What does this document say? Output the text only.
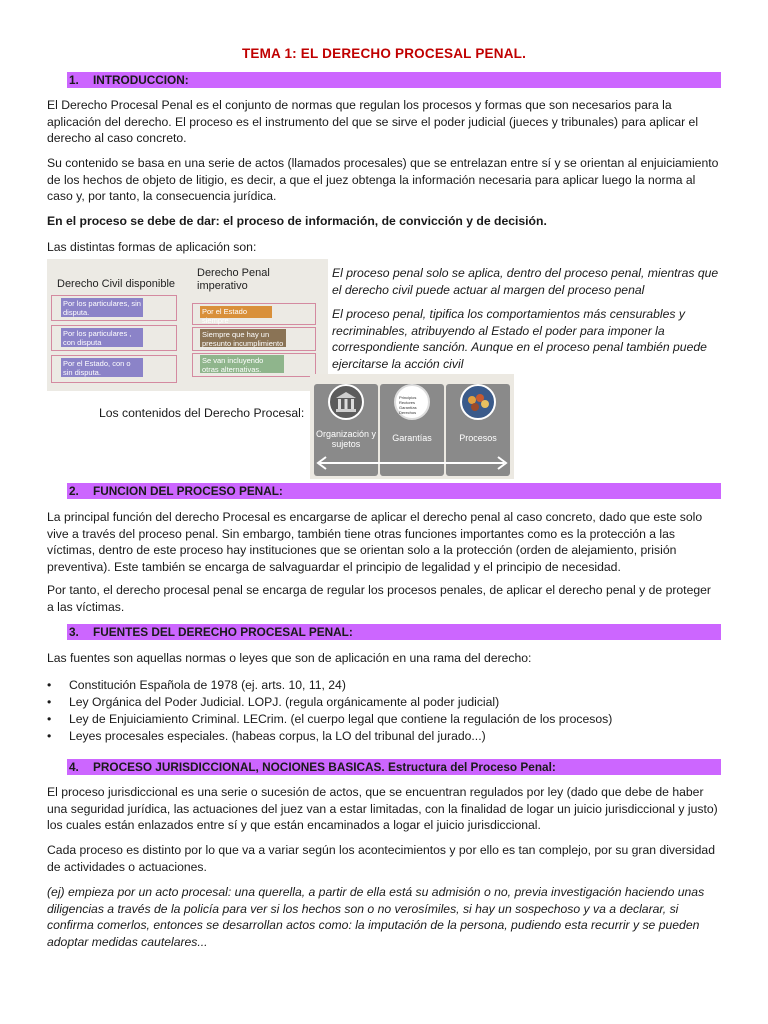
TEMA 1: EL DERECHO PROCESAL PENAL.
1. INTRODUCCION:

El Derecho Procesal Penal es el conjunto de normas que regulan los procesos y formas que son necesarios para la aplicación del derecho. El proceso es el instrumento del que se sirve el poder judicial (jueces y tribunales) para aplicar el derecho al caso concreto.

Su contenido se basa en una serie de actos (llamados procesales) que se entrelazan entre sí y se orientan al enjuiciamiento de los hechos de objeto de litigio, es decir, a que el juez obtenga la información necesaria para aplicar luego la norma al caso y, por tanto, la consecuencia jurídica.

En el proceso se debe de dar: el proceso de información, de convicción y de decisión.

Las distintas formas de aplicación son:

Derecho Civil disponible
Derecho Penal imperativo
Por los particulares, sin disputa.
Por los particulares , con disputa
Por el Estado, con o sin disputa.
Por el Estado siempre
Siempre que hay un presunto incumplimiento
Se van incluyendo otras alternativas.

El proceso penal solo se aplica, dentro del proceso penal, mientras que el derecho civil puede actuar al margen del proceso penal

El proceso penal, tipifica los comportamientos más censurables y recriminables, atribuyendo al Estado el poder para imponer la correspondiente sanción. Aunque en el proceso penal también puede ejercitarse la acción civil

Los contenidos del Derecho Procesal:

Principios Rectores Garantías Derechos
Organización y sujetos
Garantías	Procesos
2. FUNCION DEL PROCESO PENAL:

La principal función del derecho Procesal es encargarse de aplicar el derecho penal al caso concreto, dado que este solo vive a través del proceso penal. Sin embargo, también tiene otras funciones importantes como es la protección a las víctimas, dentro de este proceso hay instituciones que se orientan solo a la protección (orden de alejamiento, prisión preventiva). Este también se encarga de salvaguardar el principio de legalidad y el principio de necesidad.

Por tanto, el derecho procesal penal se encarga de regular los procesos penales, de aplicar el derecho penal y de proteger a las víctimas.

3. FUENTES DEL DERECHO PROCESAL PENAL:

Las fuentes son aquellas normas o leyes que son de aplicación en una rama del derecho:

• Constitución Española de 1978 (ej. arts. 10, 11, 24)
• Ley Orgánica del Poder Judicial. LOPJ. (regula orgánicamente al poder judicial)
• Ley de Enjuiciamiento Criminal. LECrim. (el cuerpo legal que contiene la regulación de los procesos)
• Leyes procesales especiales. (habeas corpus, la LO del tribunal del jurado...)
4. PROCESO JURISDICCIONAL, NOCIONES BASICAS. Estructura del Proceso Penal:

El proceso jurisdiccional es una serie o sucesión de actos, que se encuentran regulados por ley (dado que debe de haber una seguridad jurídica, las actuaciones del juez van a estar limitadas, con la finalidad de logar un juicio jurisdiccional y justo) los cuales están enlazados entre sí y que están encaminados a logar el juicio jurisdiccional.

Cada proceso es distinto por lo que va a variar según los acontecimientos y por ello es tan complejo, por su gran diversidad de actividades o actuaciones.

(ej) empieza por un acto procesal: una querella, a partir de ella está su admisión o no, previa investigación haciendo unas diligencias a través de la policía para ver si los hechos son o no verosímiles, si hay un sospechoso y va a declarar, si confirma comerlos, entonces se desarrollan actos como: la imputación de la persona, pudiendo esta recurrir y se pueden adoptar medidas cautelares...
